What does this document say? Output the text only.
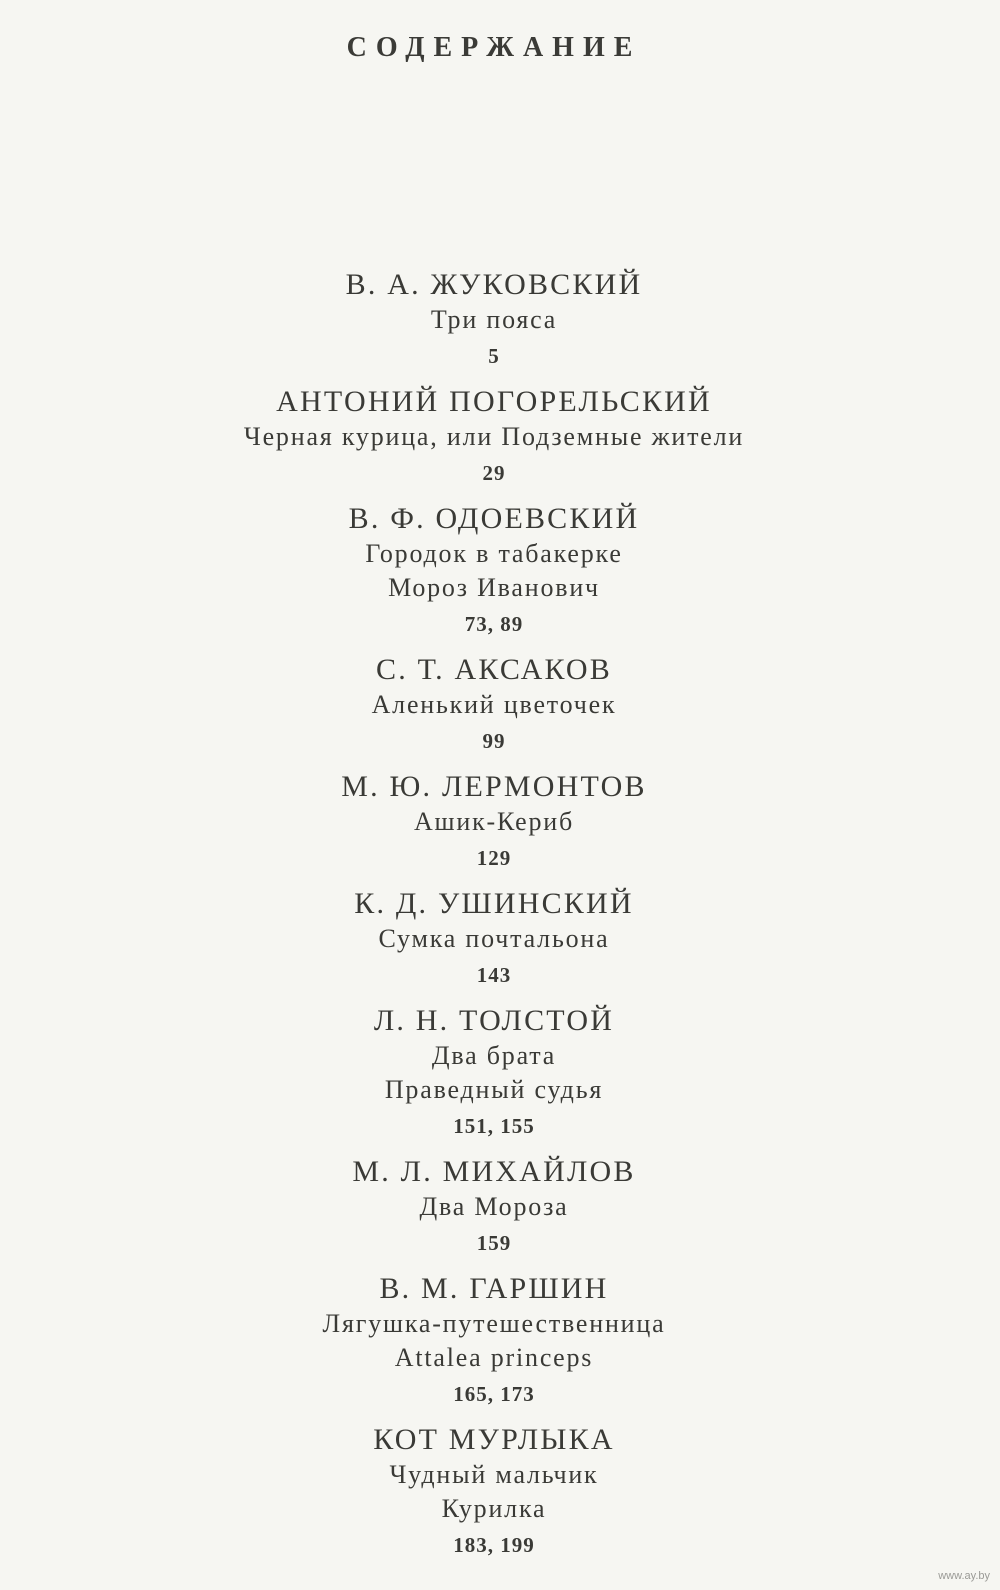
СОДЕРЖАНИЕ
В. А. ЖУКОВСКИЙ
Три пояса
5
АНТОНИЙ ПОГОРЕЛЬСКИЙ
Черная курица, или Подземные жители
29
В. Ф. ОДОЕВСКИЙ
Городок в табакерке
Мороз Иванович
73, 89
С. Т. АКСАКОВ
Аленький цветочек
99
М. Ю. ЛЕРМОНТОВ
Ашик-Кериб
129
К. Д. УШИНСКИЙ
Сумка почтальона
143
Л. Н. ТОЛСТОЙ
Два брата
Праведный судья
151, 155
М. Л. МИХАЙЛОВ
Два Мороза
159
В. М. ГАРШИН
Лягушка-путешественница
Attalea princeps
165, 173
КОТ МУРЛЫКА
Чудный мальчик
Курилка
183, 199
www.ay.by
